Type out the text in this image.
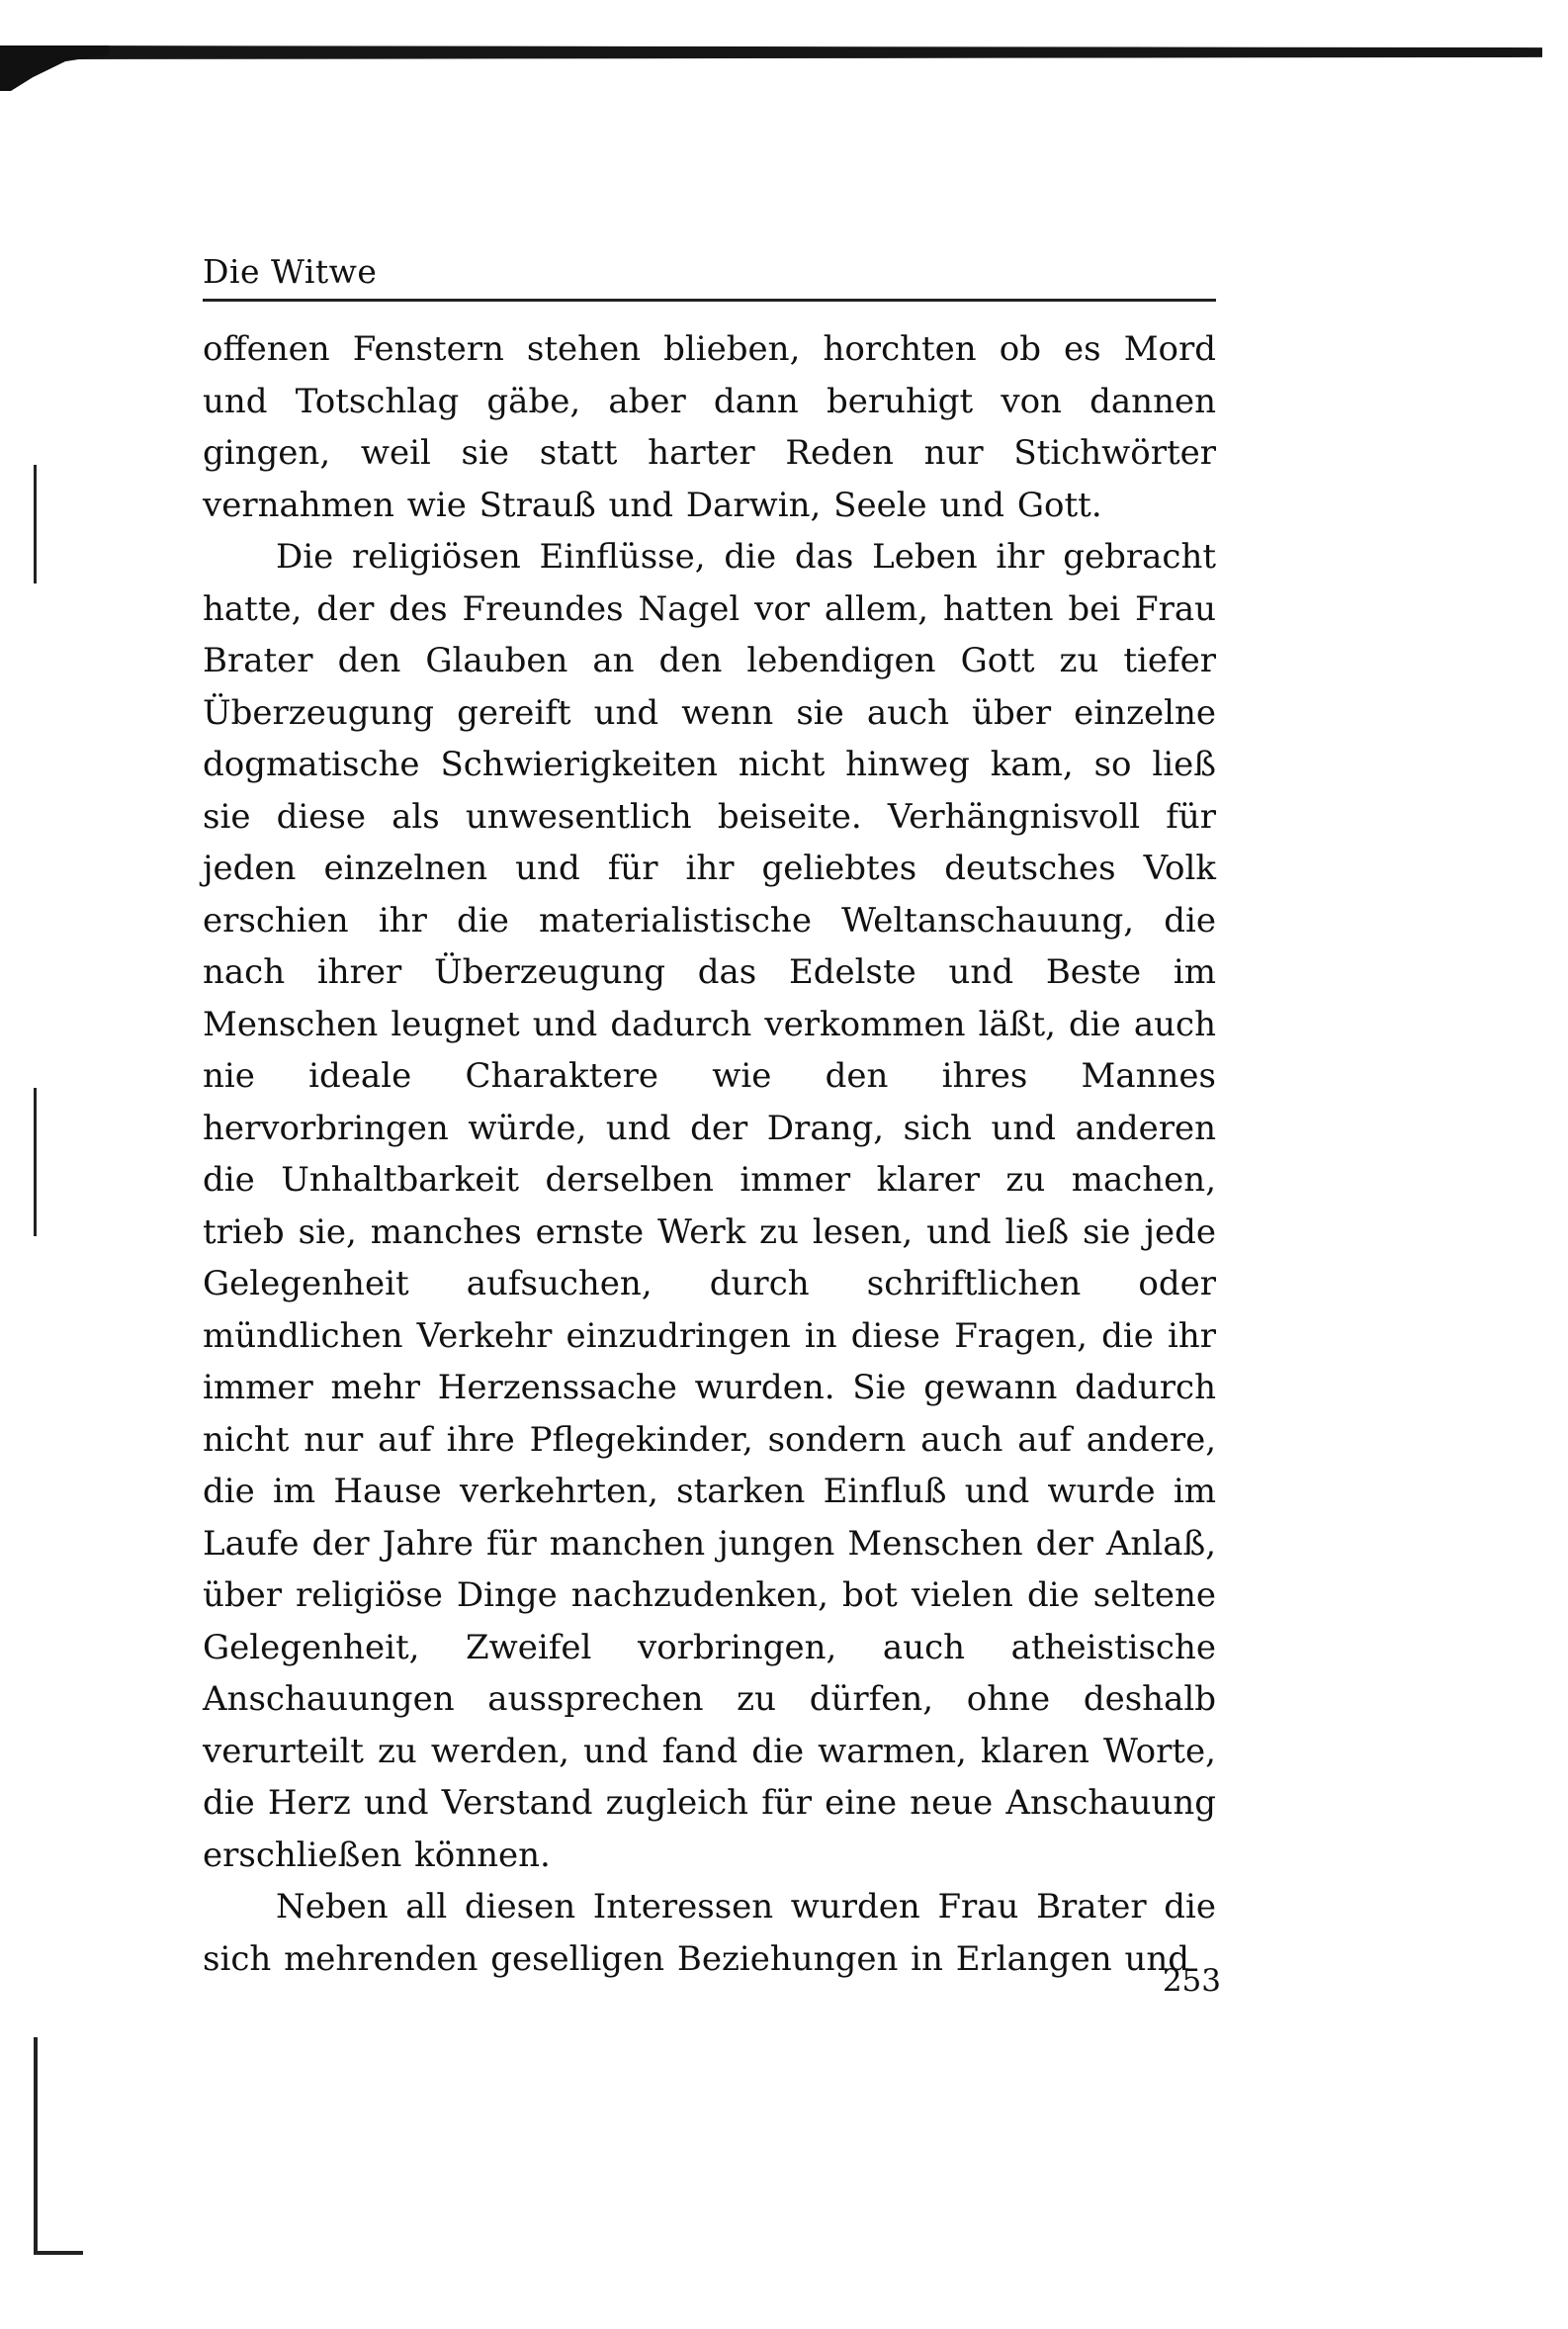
Die Witwe

offenen Fenstern stehen blieben, horchten ob es Mord und Totschlag gäbe, aber dann beruhigt von dannen gingen, weil sie statt harter Reden nur Stichwörter vernahmen wie Strauß und Darwin, Seele und Gott.

Die religiösen Einflüsse, die das Leben ihr gebracht hatte, der des Freundes Nagel vor allem, hatten bei Frau Brater den Glauben an den lebendigen Gott zu tiefer Überzeugung gereift und wenn sie auch über einzelne dogmatische Schwierigkeiten nicht hinweg kam, so ließ sie diese als unwesentlich beiseite. Verhängnisvoll für jeden einzelnen und für ihr geliebtes deutsches Volk erschien ihr die materialistische Weltanschauung, die nach ihrer Überzeugung das Edelste und Beste im Menschen leugnet und dadurch verkommen läßt, die auch nie ideale Charaktere wie den ihres Mannes hervorbringen würde, und der Drang, sich und anderen die Unhaltbarkeit derselben immer klarer zu machen, trieb sie, manches ernste Werk zu lesen, und ließ sie jede Gelegenheit aufsuchen, durch schriftlichen oder mündlichen Verkehr einzudringen in diese Fragen, die ihr immer mehr Herzenssache wurden. Sie gewann dadurch nicht nur auf ihre Pflegekinder, sondern auch auf andere, die im Hause verkehrten, starken Einfluß und wurde im Laufe der Jahre für manchen jungen Menschen der Anlaß, über religiöse Dinge nachzudenken, bot vielen die seltene Gelegenheit, Zweifel vorbringen, auch atheistische Anschauungen aussprechen zu dürfen, ohne deshalb verurteilt zu werden, und fand die warmen, klaren Worte, die Herz und Verstand zugleich für eine neue Anschauung erschließen können.

Neben all diesen Interessen wurden Frau Brater die sich mehrenden geselligen Beziehungen in Erlangen und

253
